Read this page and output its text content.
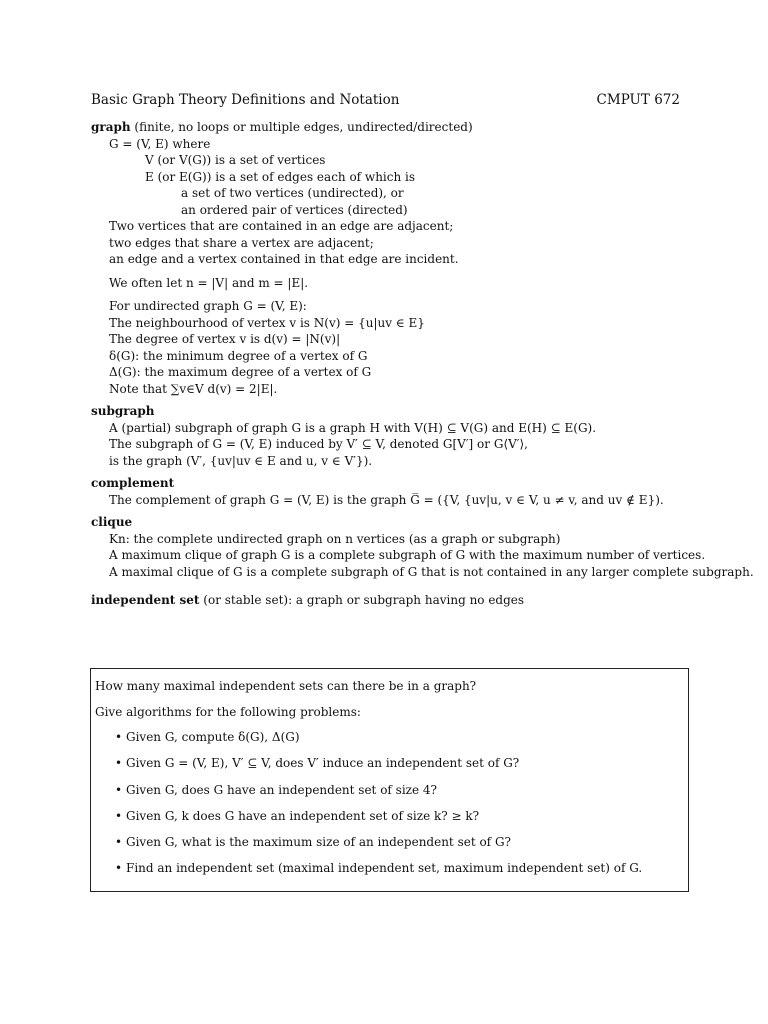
Basic Graph Theory Definitions and Notation	CMPUT 672
graph (finite, no loops or multiple edges, undirected/directed)
G = (V, E) where
V (or V(G)) is a set of vertices
E (or E(G)) is a set of edges each of which is
a set of two vertices (undirected), or
an ordered pair of vertices (directed)
Two vertices that are contained in an edge are adjacent;
two edges that share a vertex are adjacent;
an edge and a vertex contained in that edge are incident.
We often let n = |V| and m = |E|.
For undirected graph G = (V, E):
The neighbourhood of vertex v is N(v) = {u|uv ∈ E}
The degree of vertex v is d(v) = |N(v)|
δ(G): the minimum degree of a vertex of G
Δ(G): the maximum degree of a vertex of G
Note that ∑v∈V d(v) = 2|E|.
subgraph
A (partial) subgraph of graph G is a graph H with V(H) ⊆ V(G) and E(H) ⊆ E(G).
The subgraph of G = (V, E) induced by V′ ⊆ V, denoted G[V′] or G⟨V′⟩,
is the graph (V′, {uv|uv ∈ E and u, v ∈ V′}).
complement
The complement of graph G = (V, E) is the graph G̅ = ({V, {uv|u, v ∈ V, u ≠ v, and uv ∉ E}).
clique
Kn: the complete undirected graph on n vertices (as a graph or subgraph)
A maximum clique of graph G is a complete subgraph of G with the maximum number of vertices.
A maximal clique of G is a complete subgraph of G that is not contained in any larger complete subgraph.
independent set (or stable set): a graph or subgraph having no edges

How many maximal independent sets can there be in a graph?

Give algorithms for the following problems:

• Given G, compute δ(G), Δ(G)
• Given G = (V, E), V′ ⊆ V, does V′ induce an independent set of G?
• Given G, does G have an independent set of size 4?
• Given G, k does G have an independent set of size k? ≥ k?
• Given G, what is the maximum size of an independent set of G?
• Find an independent set (maximal independent set, maximum independent set) of G.
